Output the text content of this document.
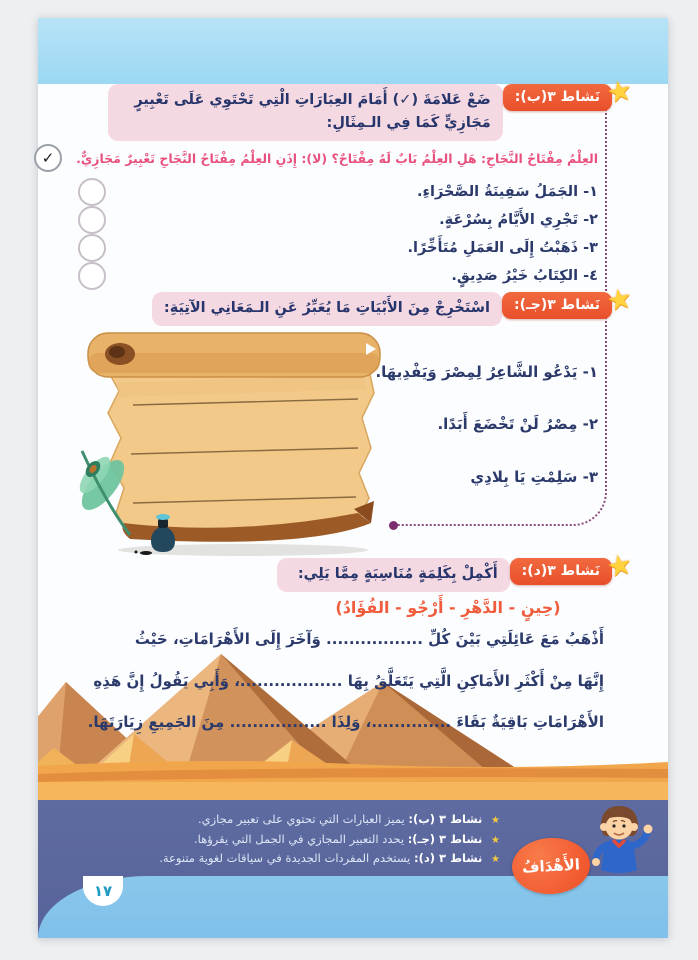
نَشاط ٣(ب): ★
ضَعْ عَلامَةَ (✓) أَمَامَ العِبَارَاتِ الْتِي تَحْتَوِي عَلَى تَعْبِيرٍ مَجَازِيٍّ كَمَا فِي الـمِثَالِ:
العِلْمُ مِفْتَاحُ النَّجَاحِ: هَلِ العِلْمُ بَابٌ لَهُ مِفْتَاحٌ؟ (لا): إِذَنِ العِلْمُ مِفْتَاحُ النَّجَاحِ تَعْبِيرٌ مَجَازِيٌّ.
✓
١- الجَمَلُ سَفِينَةُ الصَّحْرَاءِ.
٢- تَجْرِي الأَيَّامُ بِسُرْعَةٍ.
٣- ذَهَبْتُ إِلَى العَمَلِ مُتَأَخِّرًا.
٤- الكِتَابُ خَيْرُ صَدِيقٍ.
نَشاط ٣(جـ): ★
اسْتَخْرِجْ مِنَ الأَبْيَاتِ مَا يُعَبِّرُ عَنِ الـمَعَانِي الآتِيَةِ:
١- يَدْعُو الشَّاعِرُ لِمِصْرَ وَيَفْدِيهَا.
٢- مِصْرُ لَنْ تَخْضَعَ أَبَدًا.
٣- سَلِمْتِ يَا بِلادِي
نَشاط ٣(د): ★
أَكْمِلْ بِكَلِمَةٍ مُنَاسِبَةٍ مِمَّا يَلِي:
(حِينٍ - الدَّهْرِ - أَرْجُو - الفُؤَادُ)
أَذْهَبُ مَعَ عَائِلَتِي بَيْنَ كُلِّ ................. وَآخَرَ إِلَى الأَهْرَامَاتِ، حَيْثُ
إِنَّهَا مِنْ أَكْثَرِ الأَمَاكِنِ الَّتِي يَتَعَلَّقُ بِهَا ..................، وَأَبِي يَقُولُ إِنَّ هَذِهِ
الأَهْرَامَاتِ بَاقِيَةٌ بَقَاءَ ..............، وَلِذَا ................. مِنَ الجَمِيعِ زِيَارَتَهَا.
١٧
★ نشاط ٣ (ب): يميز العبارات التي تحتوي على تعبير مجازي.
★ نشاط ٣ (جـ): يحدد التعبير المجازي في الجمل التي يقرؤها.
★ نشاط ٣ (د): يستخدم المفردات الجديدة في سياقات لغوية متنوعة.	الأَهْدَافُ
